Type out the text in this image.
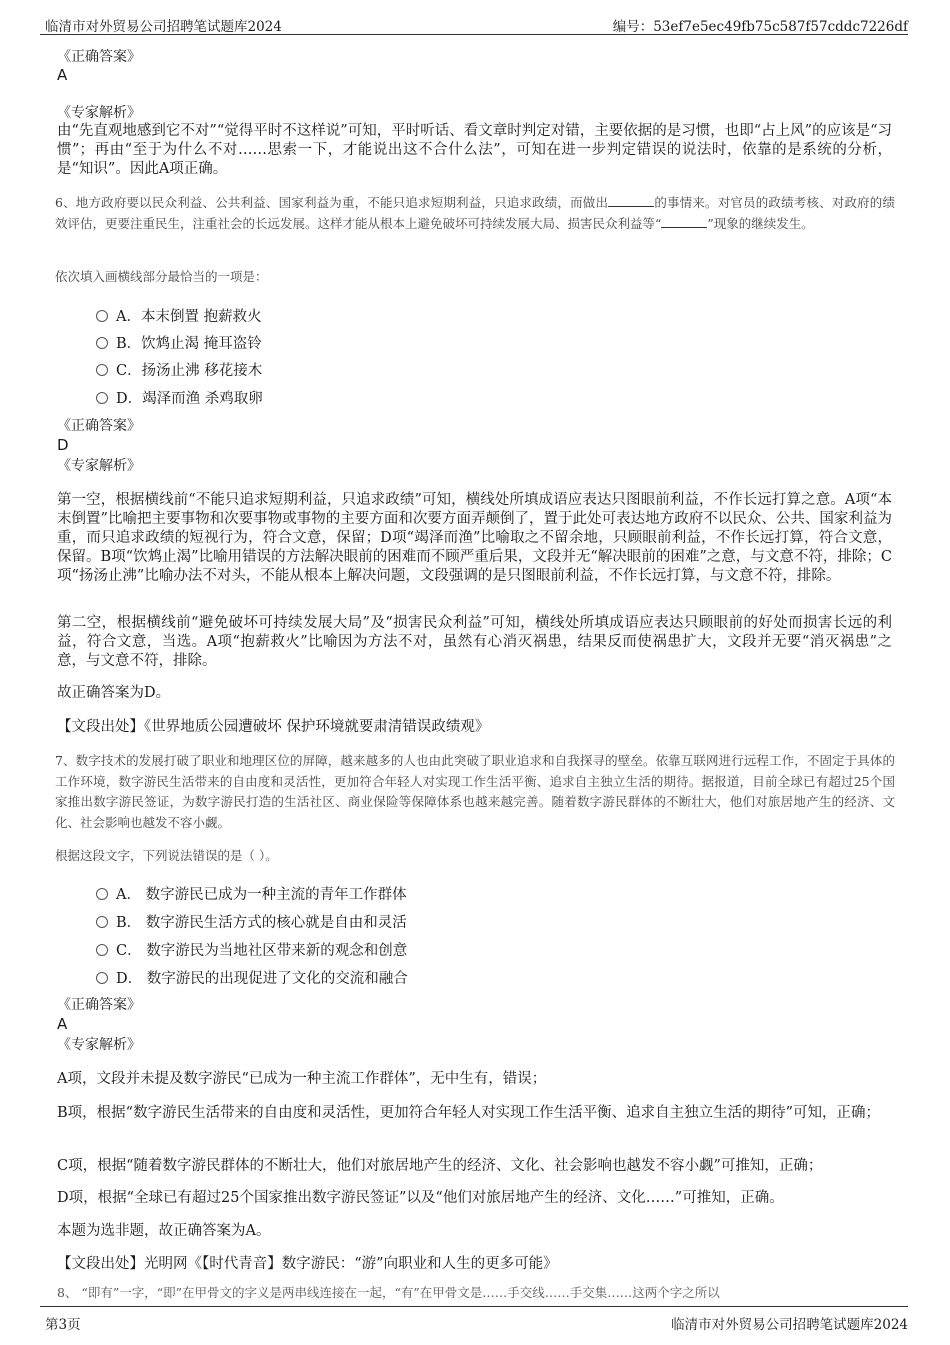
临清市对外贸易公司招聘笔试题库2024	编号：53ef7e5ec49fb75c587f57cddc7226df
《正确答案》
A
《专家解析》
由“先直观地感到它不对”“觉得平时不这样说”可知，平时听话、看文章时判定对错，主要依据的是习惯，也即“占上风”的应该是“习惯”；再由“至于为什么不对……思索一下，才能说出这不合什么法”，可知在进一步判定错误的说法时，依靠的是系统的分析，是“知识”。因此A项正确。
6、地方政府要以民众利益、公共利益、国家利益为重，不能只追求短期利益，只追求政绩，而做出	的事情来。对官员的政绩考核、对政府的绩效评估，更要注重民生，注重社会的长远发展。这样才能从根本上避免破坏可持续发展大局、损害民众利益等“	”现象的继续发生。
依次填入画横线部分最恰当的一项是：
A．本末倒置 抱薪救火
B．饮鸩止渴 掩耳盗铃
C．扬汤止沸 移花接木
D．竭泽而渔 杀鸡取卵
《正确答案》
D
《专家解析》
第一空，根据横线前“不能只追求短期利益，只追求政绩”可知，横线处所填成语应表达只图眼前利益，不作长远打算之意。A项“本末倒置”比喻把主要事物和次要事物或事物的主要方面和次要方面弄颠倒了，置于此处可表达地方政府不以民众、公共、国家利益为重，而只追求政绩的短视行为，符合文意，保留；D项“竭泽而渔”比喻取之不留余地，只顾眼前利益，不作长远打算，符合文意，保留。B项“饮鸩止渴”比喻用错误的方法解决眼前的困难而不顾严重后果，文段并无“解决眼前的困难”之意，与文意不符，排除；C项“扬汤止沸”比喻办法不对头，不能从根本上解决问题，文段强调的是只图眼前利益，不作长远打算，与文意不符，排除。
第二空，根据横线前“避免破坏可持续发展大局”及“损害民众利益”可知，横线处所填成语应表达只顾眼前的好处而损害长远的利益，符合文意，当选。A项“抱薪救火”比喻因为方法不对，虽然有心消灭祸患，结果反而使祸患扩大，文段并无要“消灭祸患”之意，与文意不符，排除。
故正确答案为D。
【文段出处】《世界地质公园遭破坏 保护环境就要肃清错误政绩观》
7、数字技术的发展打破了职业和地理区位的屏障，越来越多的人也由此突破了职业追求和自我探寻的壁垒。依靠互联网进行远程工作，不固定于具体的工作环境，数字游民生活带来的自由度和灵活性，更加符合年轻人对实现工作生活平衡、追求自主独立生活的期待。据报道，目前全球已有超过25个国家推出数字游民签证，为数字游民打造的生活社区、商业保险等保障体系也越来越完善。随着数字游民群体的不断壮大，他们对旅居地产生的经济、文化、社会影响也越发不容小觑。
根据这段文字，下列说法错误的是（ ）。
A． 数字游民已成为一种主流的青年工作群体
B． 数字游民生活方式的核心就是自由和灵活
C． 数字游民为当地社区带来新的观念和创意
D． 数字游民的出现促进了文化的交流和融合
《正确答案》
A
《专家解析》
A项，文段并未提及数字游民“已成为一种主流工作群体”，无中生有，错误；
B项，根据“数字游民生活带来的自由度和灵活性，更加符合年轻人对实现工作生活平衡、追求自主独立生活的期待”可知，正确；
C项，根据“随着数字游民群体的不断壮大，他们对旅居地产生的经济、文化、社会影响也越发不容小觑”可推知，正确；
D项，根据“全球已有超过25个国家推出数字游民签证”以及“他们对旅居地产生的经济、文化……”可推知，正确。
本题为选非题，故正确答案为A。
【文段出处】光明网《【时代青音】数字游民：“游”向职业和人生的更多可能》
8、 “即有”一字，“即”在甲骨文的字义是两串线连接在一起，“有”在甲骨文是……手交线……手交集……这两个字之所以
第3页	临清市对外贸易公司招聘笔试题库2024
